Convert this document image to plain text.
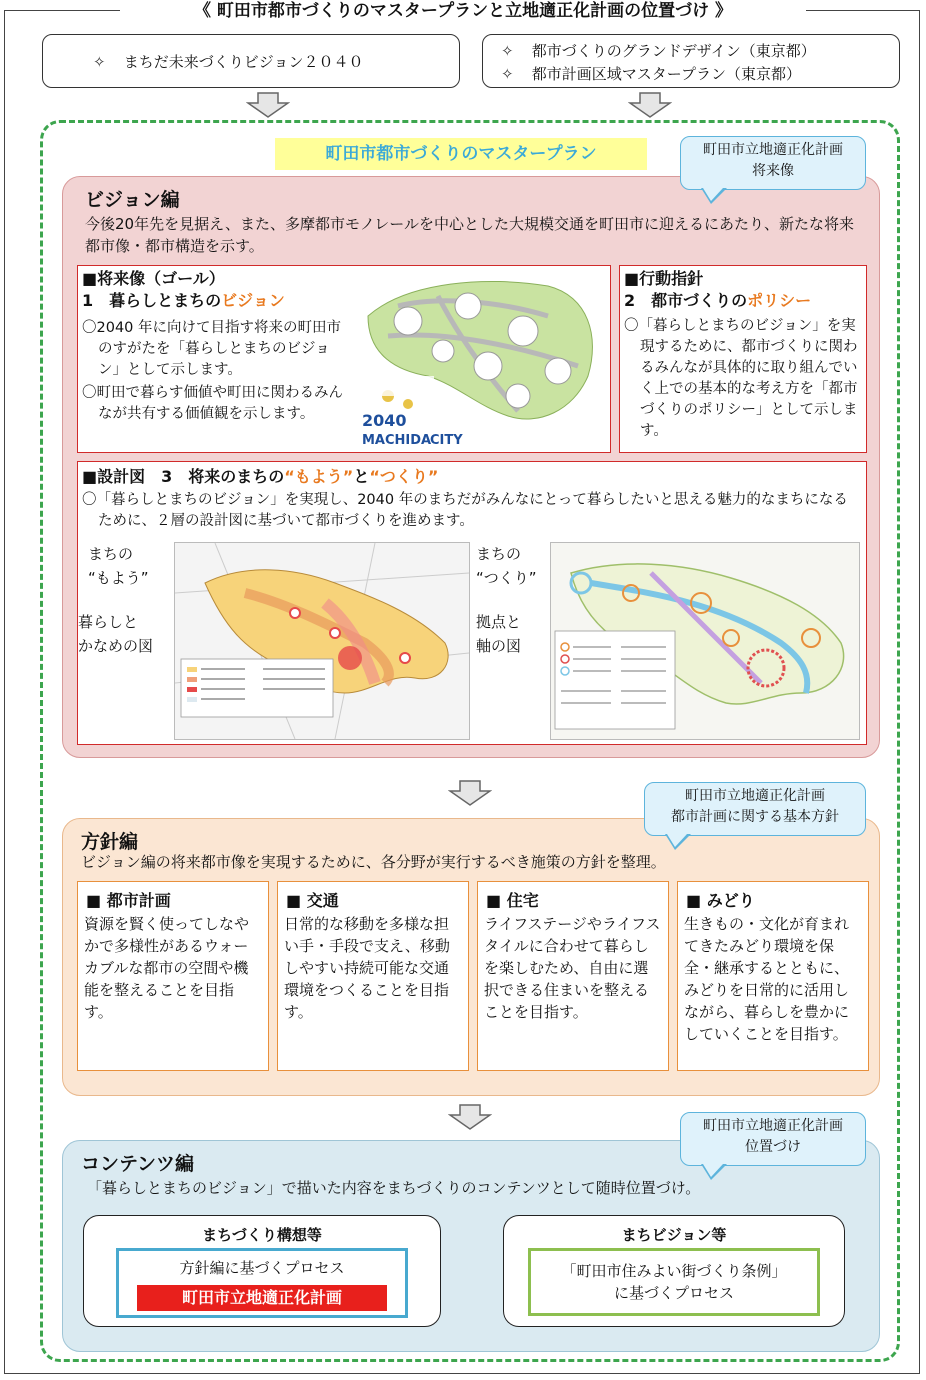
《 町田市都市づくりのマスタープランと立地適正化計画の位置づけ 》
✧ まちだ未来づくりビジョン２０４０
✧ 都市づくりのグランドデザイン（東京都）
✧ 都市計画区域マスタープラン（東京都）
町田市都市づくりのマスタープラン	町田市立地適正化計画
将来像
ビジョン編
今後20年先を見据え、また、多摩都市モノレールを中心とした大規模交通を町田市に迎えるにあたり、新たな将来都市像・都市構造を示す。
■将来像（ゴール）
1　暮らしとまちのビジョン

〇2040 年に向けて目指す将来の町田市のすがたを「暮らしとまちのビジョン」として示します。

〇町田で暮らす価値や町田に関わるみんなが共有する価値観を示します。	2040
MACHIDA
CITY
■行動指針
2　都市づくりのポリシー

〇「暮らしとまちのビジョン」を実現するために、都市づくりに関わるみんなが具体的に取り組んでいく上での基本的な考え方を「都市づくりのポリシー」として示します。

■設計図　3　将来のまちの“もよう”と“つくり”

〇「暮らしとまちのビジョン」を実現し、2040 年のまちだがみんなにとって暮らしたいと思える魅力的なまちになるために、２層の設計図に基づいて都市づくりを進めます。

まちの
“もよう”
暮らしと
かなめの図
まちの
“つくり”
拠点と
軸の図
町田市立地適正化計画
都市計画に関する基本方針
方針編
ビジョン編の将来都市像を実現するために、各分野が実行するべき施策の方針を整理。
■ 都市計画
資源を賢く使ってしなやかで多様性があるウォーカブルな都市の空間や機能を整えることを目指す。
■ 交通
日常的な移動を多様な担い手・手段で支え、移動しやすい持続可能な交通環境をつくることを目指す。
■ 住宅
ライフステージやライフスタイルに合わせて暮らしを楽しむため、自由に選択できる住まいを整えることを目指す。
■ みどり
生きもの・文化が育まれてきたみどり環境を保全・継承するとともに、みどりを日常的に活用しながら、暮らしを豊かにしていくことを目指す。
町田市立地適正化計画
位置づけ
コンテンツ編
「暮らしとまちのビジョン」で描いた内容をまちづくりのコンテンツとして随時位置づけ。
まちづくり構想等
方針編に基づくプロセス
町田市立地適正化計画
まちビジョン等
「町田市住みよい街づくり条例」
に基づくプロセス
